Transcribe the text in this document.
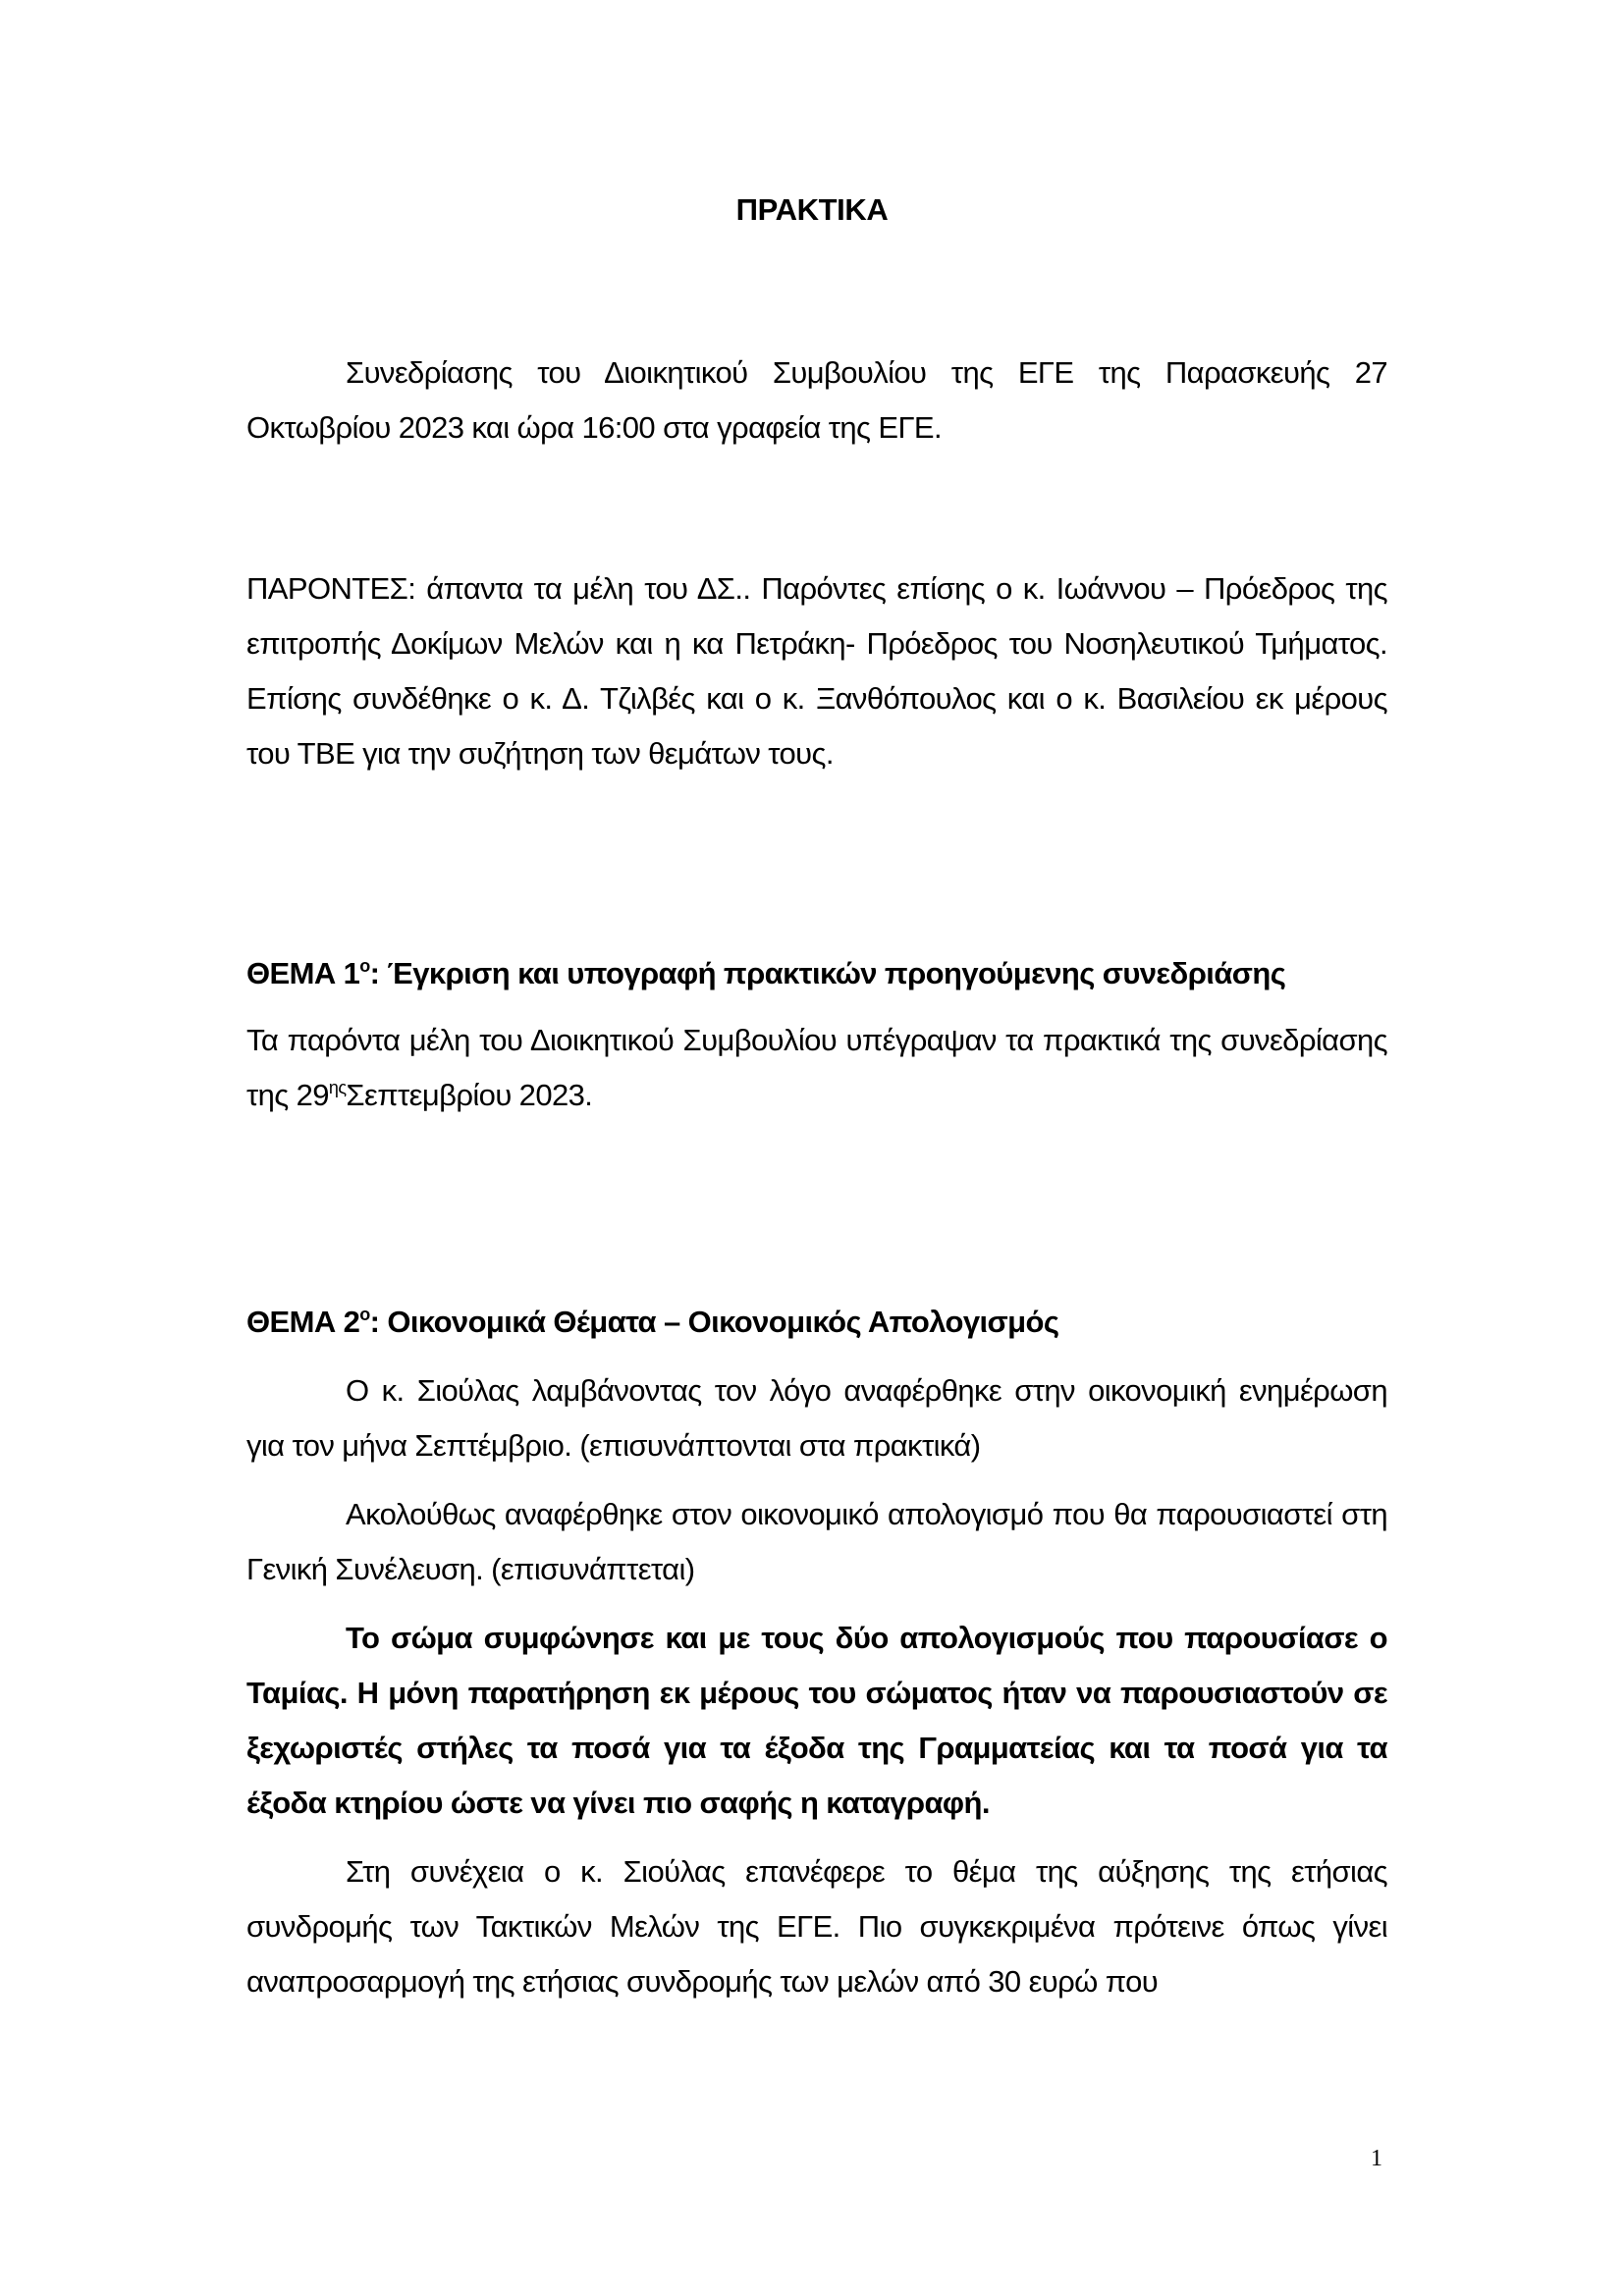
ΠΡΑΚΤΙΚΑ

Συνεδρίασης του Διοικητικού Συμβουλίου της ΕΓΕ της Παρασκευής 27 Οκτωβρίου 2023 και ώρα 16:00 στα γραφεία της ΕΓΕ.

ΠΑΡΟΝΤΕΣ: άπαντα τα μέλη του ΔΣ.. Παρόντες επίσης ο κ. Ιωάννου – Πρόεδρος της επιτροπής Δοκίμων Μελών και η κα Πετράκη- Πρόεδρος του Νοσηλευτικού Τμήματος. Επίσης συνδέθηκε ο κ. Δ. Τζιλβές και ο κ. Ξανθόπουλος και ο κ. Βασιλείου εκ μέρους του ΤΒΕ για την συζήτηση των θεμάτων τους.

ΘΕΜΑ $1^o$: Έγκριση και υπογραφή πρακτικών προηγούμενης συνεδριάσης

Τα παρόντα μέλη του Διοικητικού Συμβουλίου υπέγραψαν τα πρακτικά της συνεδρίασης της $29^{\eta\varsigma}\Sigma\varepsilon\pi\tau\varepsilon\mu\beta\rho ίo\upsilon$ 2023.

ΘΕΜΑ $2^o$: Οικονομικά Θέματα – Οικονομικός Απολογισμός

Ο κ. Σιούλας λαμβάνοντας τον λόγο αναφέρθηκε στην οικονομική ενημέρωση για τον μήνα Σεπτέμβριο. (επισυνάπτονται στα πρακτικά)

Ακολούθως αναφέρθηκε στον οικονομικό απολογισμό που θα παρουσιαστεί στη Γενική Συνέλευση. (επισυνάπτεται)

Το σώμα συμφώνησε και με τους δύο απολογισμούς που παρουσίασε ο Ταμίας. Η μόνη παρατήρηση εκ μέρους του σώματος ήταν να παρουσιαστούν σε ξεχωριστές στήλες τα ποσά για τα έξοδα της Γραμματείας και τα ποσά για τα έξοδα κτηρίου ώστε να γίνει πιο σαφής η καταγραφή.

Στη συνέχεια ο κ. Σιούλας επανέφερε το θέμα της αύξησης της ετήσιας συνδρομής των Τακτικών Μελών της ΕΓΕ. Πιο συγκεκριμένα πρότεινε όπως γίνει αναπροσαρμογή της ετήσιας συνδρομής των μελών από 30 ευρώ που

1
